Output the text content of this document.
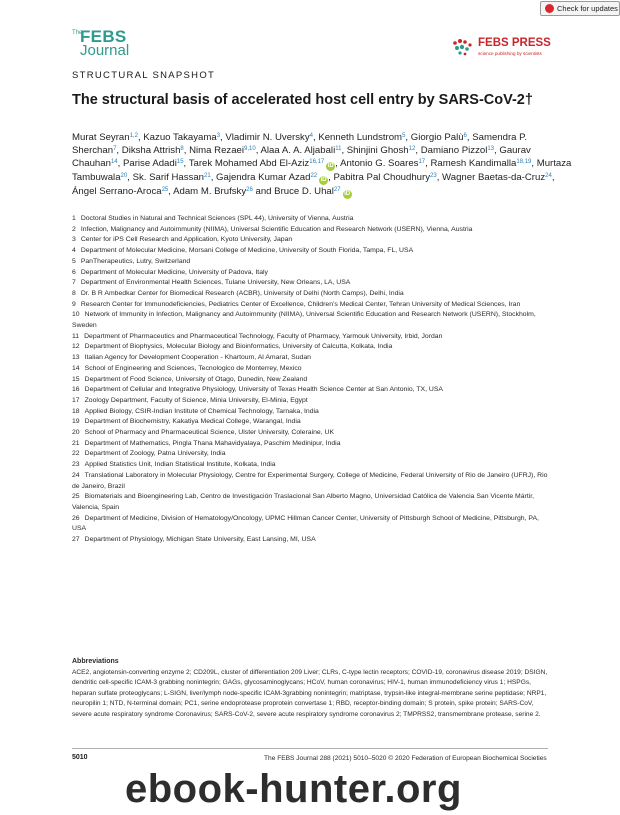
Check for updates
The
FEBS
Journal	FEBS PRESS
science publishing by scientists
STRUCTURAL SNAPSHOT
The structural basis of accelerated host cell entry by SARS-CoV-2†
Murat Seyran$^{1,2}$, Kazuo Takayama$^3$, Vladimir N. Uversky$^4$, Kenneth Lundstrom$^5$, Giorgio Palù$^6$, Samendra P. Sherchan$^7$, Diksha Attrish$^8$, Nima Rezaei$^{9,10}$, Alaa A. A. Aljabali$^{11}$, Shinjini Ghosh$^{12}$, Damiano Pizzol$^{13}$, Gaurav Chauhan$^{14}$, Parise Adadi$^{15}$, Tarek Mohamed Abd El-Aziz$^{16,17}$iD , Antonio G. Soares$^{17}$, Ramesh Kandimalla$^{18,19}$, Murtaza Tambuwala$^{20}$, Sk. Sarif Hassan$^{21}$, Gajendra Kumar Azad$^{22}$iD , Pabitra Pal Choudhury$^{23}$, Wagner Baetas-da-Cruz$^{24}$, Ángel Serrano-Aroca$^{25}$, Adam M. Brufsky$^{26}$ and Bruce D. Uhal$^{27}$iD
1 Doctoral Studies in Natural and Technical Sciences (SPL 44), University of Vienna, Austria
2 Infection, Malignancy and Autoimmunity (NIIMA), Universal Scientific Education and Research Network (USERN), Vienna, Austria
3 Center for iPS Cell Research and Application, Kyoto University, Japan
4 Department of Molecular Medicine, Morsani College of Medicine, University of South Florida, Tampa, FL, USA
5 PanTherapeutics, Lutry, Switzerland
6 Department of Molecular Medicine, University of Padova, Italy
7 Department of Environmental Health Sciences, Tulane University, New Orleans, LA, USA
8 Dr. B R Ambedkar Center for Biomedical Research (ACBR), University of Delhi (North Camps), Delhi, India
9 Research Center for Immunodeficiencies, Pediatrics Center of Excellence, Children’s Medical Center, Tehran University of Medical Sciences, Iran
10 Network of Immunity in Infection, Malignancy and Autoimmunity (NIIMA), Universal Scientific Education and Research Network (USERN), Stockholm, Sweden
11 Department of Pharmaceutics and Pharmaceutical Technology, Faculty of Pharmacy, Yarmouk University, Irbid, Jordan
12 Department of Biophysics, Molecular Biology and Bioinformatics, University of Calcutta, Kolkata, India
13 Italian Agency for Development Cooperation - Khartoum, Al Amarat, Sudan
14 School of Engineering and Sciences, Tecnologico de Monterrey, Mexico
15 Department of Food Science, University of Otago, Dunedin, New Zealand
16 Department of Cellular and Integrative Physiology, University of Texas Health Science Center at San Antonio, TX, USA
17 Zoology Department, Faculty of Science, Minia University, El-Minia, Egypt
18 Applied Biology, CSIR-Indian Institute of Chemical Technology, Tarnaka, India
19 Department of Biochemistry, Kakatiya Medical College, Warangal, India
20 School of Pharmacy and Pharmaceutical Science, Ulster University, Coleraine, UK
21 Department of Mathematics, Pingla Thana Mahavidyalaya, Paschim Medinipur, India
22 Department of Zoology, Patna University, India
23 Applied Statistics Unit, Indian Statistical Institute, Kolkata, India
24 Translational Laboratory in Molecular Physiology, Centre for Experimental Surgery, College of Medicine, Federal University of Rio de Janeiro (UFRJ), Rio de Janeiro, Brazil
25 Biomaterials and Bioengineering Lab, Centro de Investigación Traslacional San Alberto Magno, Universidad Católica de Valencia San Vicente Mártir, Valencia, Spain
26 Department of Medicine, Division of Hematology/Oncology, UPMC Hillman Cancer Center, University of Pittsburgh School of Medicine, Pittsburgh, PA, USA
27 Department of Physiology, Michigan State University, East Lansing, MI, USA
Abbreviations
ACE2, angiotensin-converting enzyme 2; CD209L, cluster of differentiation 209 Liver; CLRs, C-type lectin receptors; COVID-19, coronavirus disease 2019; DSIGN, dendritic cell-specific ICAM-3 grabbing nonintegrin; GAGs, glycosaminoglycans; HCoV, human coronavirus; HIV-1, human immunodeficiency virus 1; HSPGs, heparan sulfate proteoglycans; L-SIGN, liver/lymph node-specific ICAM-3grabbing nonintegrin; matriptase, trypsin-like integral-membrane serine peptidase; NRP1, neuropilin 1; NTD, N-terminal domain; PC1, serine endoprotease proprotein convertase 1; RBD, receptor-binding domain; S protein, spike protein; SARS-CoV, severe acute respiratory syndrome Coronavirus; SARS-CoV-2, severe acute respiratory syndrome coronavirus 2; TMPRSS2, transmembrane protease, serine 2.
5010	The FEBS Journal 288 (2021) 5010–5020 © 2020 Federation of European Biochemical Societies
ebook-hunter.org
